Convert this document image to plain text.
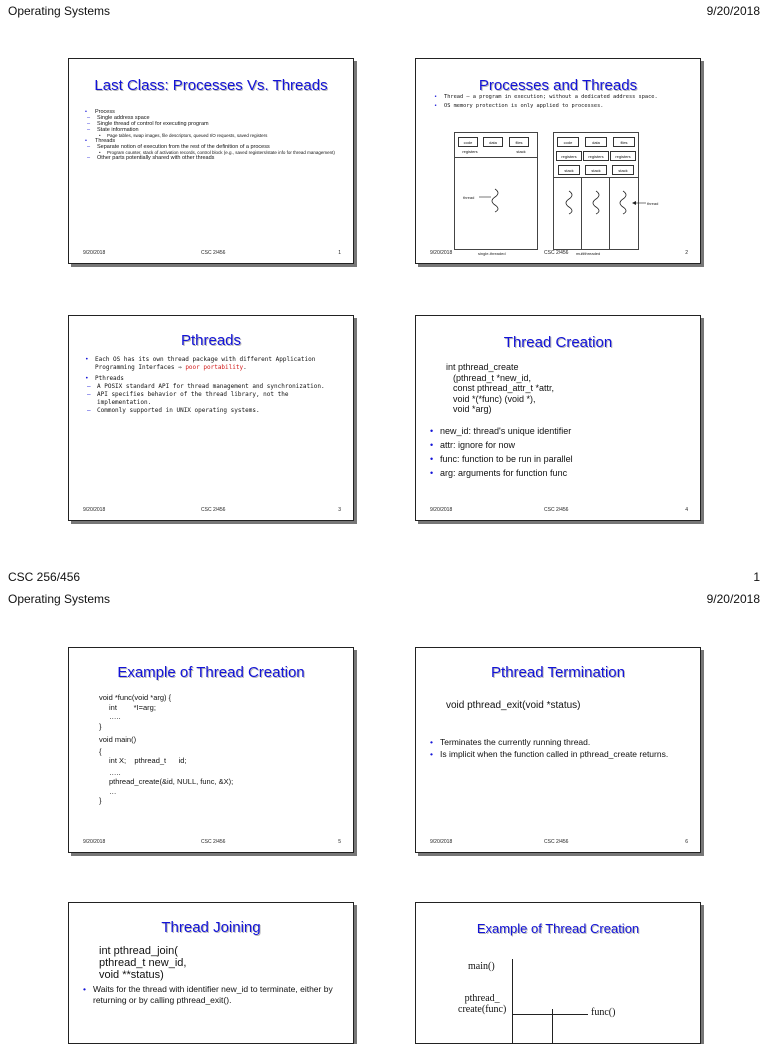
Operating Systems	9/20/2018
Last Class: Processes Vs. Threads
• Process
– Single address space
– Single thread of control for executing program
– State information
• Page tables, swap images, file descriptors, queued I/O requests, saved registers
• Threads
– Separate notion of execution from the rest of the definition of a process
• Program counter, stack of activation records, control block (e.g., saved registers/state info for thread management)
– Other parts potentially shared with other threads
9/20/2018	CSC 2/456	1
Processes and Threads
• Thread – a program in execution; without a dedicated address space.
• OS memory protection is only applied to processes.
code	data	files
registers	stack
thread
single-threaded
code	data	files
registers	registers	registers
stack	stack	stack
thread
multithreaded
9/20/2018	CSC 2/456	2
Pthreads
• Each OS has its own thread package with different Application Programming Interfaces ⇒ poor portability.
• Pthreads
– A POSIX standard API for thread management and synchronization.
– API specifies behavior of the thread library, not the implementation.
– Commonly supported in UNIX operating systems.
9/20/2018	CSC 2/456	3
Thread Creation
int pthread_create
(pthread_t *new_id,
const pthread_attr_t *attr,
void *(*func) (void *),
void *arg)
• new_id: thread's unique identifier
• attr: ignore for now
• func: function to be run in parallel
• arg: arguments for function func
9/20/2018	CSC 2/456	4
CSC 256/456	1
Operating Systems	9/20/2018
Example of Thread Creation
void *func(void *arg) {
int        *I=arg;
…..
}
void main()
{
int X;    pthread_t      id;
…..
pthread_create(&id, NULL, func, &X);
…
}
9/20/2018	CSC 2/456	5
Pthread Termination
void pthread_exit(void *status)
• Terminates the currently running thread.
• Is implicit when the function called in pthread_create returns.
9/20/2018	CSC 2/456	6
Thread Joining
int pthread_join(
pthread_t new_id,
void **status)
• Waits for the thread with identifier new_id to terminate, either by returning or by calling pthread_exit().
Example of Thread Creation
main()
pthread_
create(func)	func()
